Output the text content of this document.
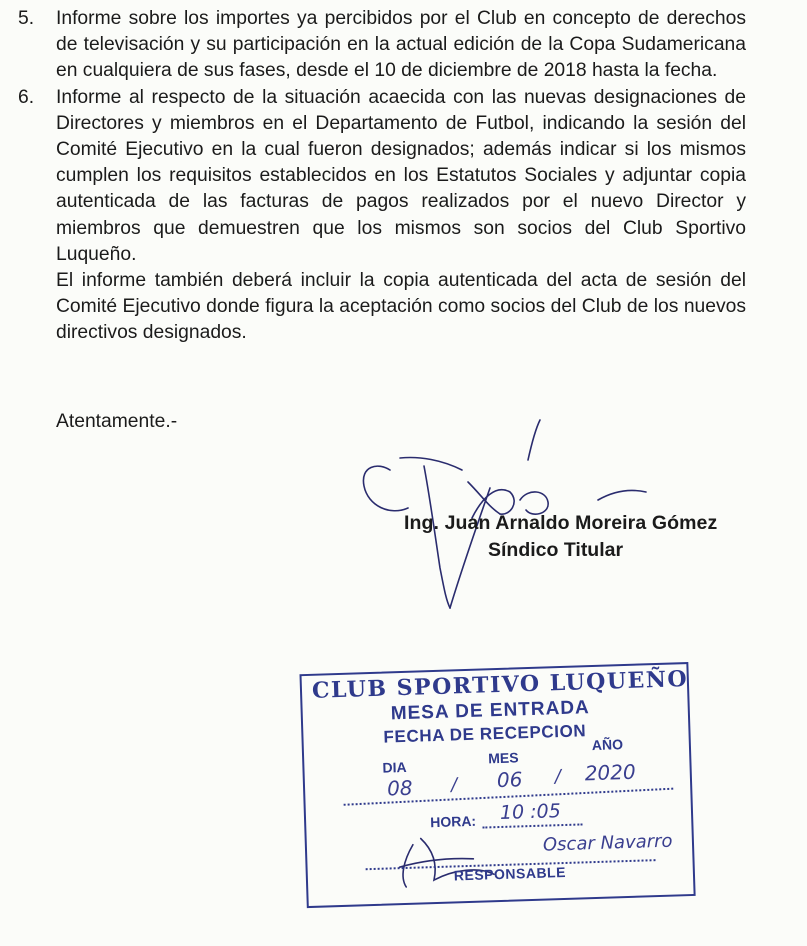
5. Informe sobre los importes ya percibidos por el Club en concepto de derechos de televisación y su participación en la actual edición de la Copa Sudamericana en cualquiera de sus fases, desde el 10 de diciembre de 2018 hasta la fecha.

6. Informe al respecto de la situación acaecida con las nuevas designaciones de Directores y miembros en el Departamento de Futbol, indicando la sesión del Comité Ejecutivo en la cual fueron designados; además indicar si los mismos cumplen los requisitos establecidos en los Estatutos Sociales y adjuntar copia autenticada de las facturas de pagos realizados por el nuevo Director y miembros que demuestren que los mismos son socios del Club Sportivo Luqueño.

El informe también deberá incluir la copia autenticada del acta de sesión del Comité Ejecutivo donde figura la aceptación como socios del Club de los nuevos directivos designados.

Atentamente.-
Ing. Juan Arnaldo Moreira Gómez
Síndico Titular
CLUB SPORTIVO LUQUEÑO
MESA DE ENTRADA
FECHA DE RECEPCION
DIA
MES
AÑO
08 / 06 / 2020
HORA: 10 :05
Oscar Navarro
RESPONSABLE
